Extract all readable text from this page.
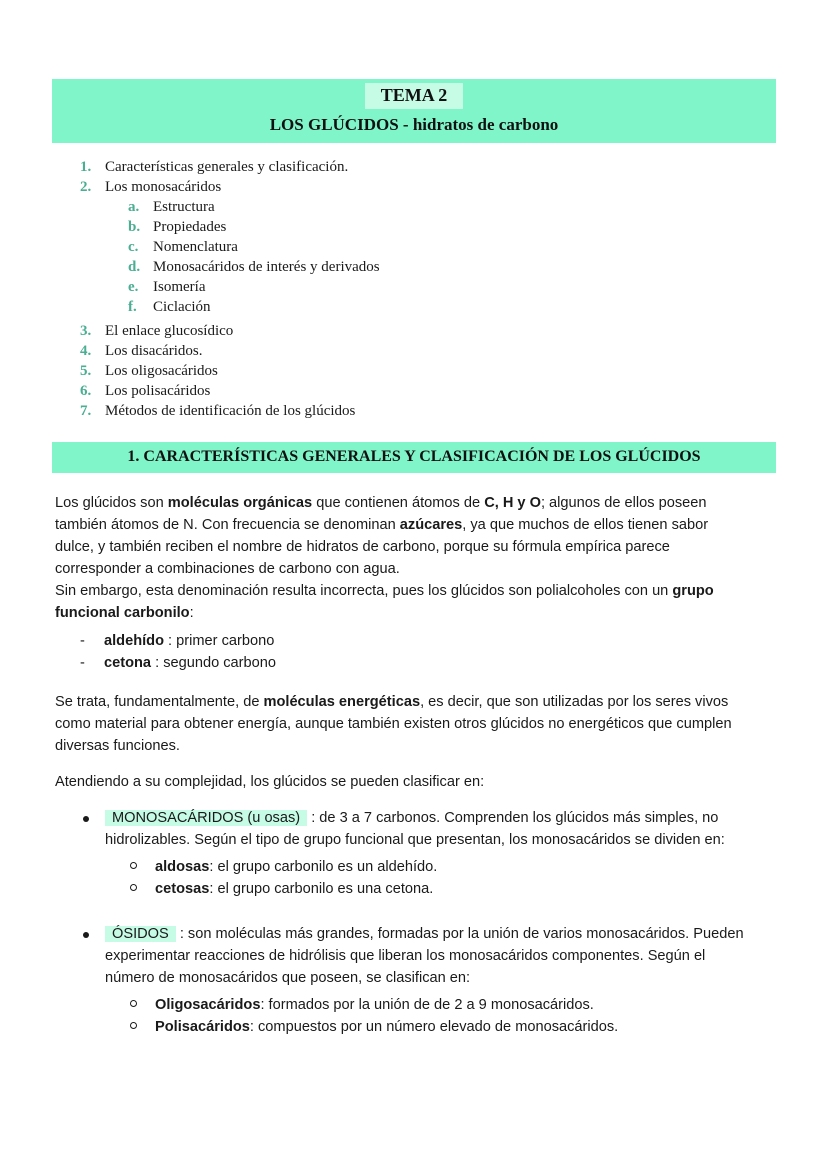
TEMA 2
LOS GLÚCIDOS - hidratos de carbono
1. Características generales y clasificación.
2. Los monosacáridos
a. Estructura
b. Propiedades
c. Nomenclatura
d. Monosacáridos de interés y derivados
e. Isomería
f. Ciclación
3. El enlace glucosídico
4. Los disacáridos.
5. Los oligosacáridos
6. Los polisacáridos
7. Métodos de identificación de los glúcidos
1. CARACTERÍSTICAS GENERALES Y CLASIFICACIÓN DE LOS GLÚCIDOS
Los glúcidos son moléculas orgánicas que contienen átomos de C, H y O; algunos de ellos poseen
también átomos de N. Con frecuencia se denominan azúcares, ya que muchos de ellos tienen sabor
dulce, y también reciben el nombre de hidratos de carbono, porque su fórmula empírica parece
corresponder a combinaciones de carbono con agua.
Sin embargo, esta denominación resulta incorrecta, pues los glúcidos son polialcoholes con un grupo
funcional carbonilo:
- aldehído : primer carbono
- cetona : segundo carbono
Se trata, fundamentalmente, de moléculas energéticas, es decir, que son utilizadas por los seres vivos
como material para obtener energía, aunque también existen otros glúcidos no energéticos que cumplen
diversas funciones.
Atendiendo a su complejidad, los glúcidos se pueden clasificar en:
MONOSACÁRIDOS (u osas) : de 3 a 7 carbonos. Comprenden los glúcidos más simples, no
hidrolizables. Según el tipo de grupo funcional que presentan, los monosacáridos se dividen en:
aldosas: el grupo carbonilo es un aldehído.
cetosas: el grupo carbonilo es una cetona.
ÓSIDOS : son moléculas más grandes, formadas por la unión de varios monosacáridos. Pueden
experimentar reacciones de hidrólisis que liberan los monosacáridos componentes. Según el
número de monosacáridos que poseen, se clasifican en:
Oligosacáridos: formados por la unión de de 2 a 9 monosacáridos.
Polisacáridos: compuestos por un número elevado de monosacáridos.
